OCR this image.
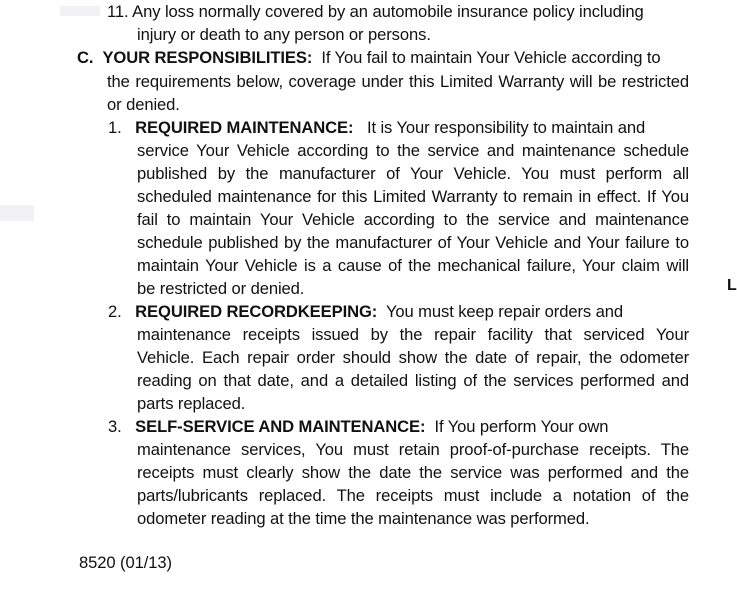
11. Any loss normally covered by an automobile insurance policy including
injury or death to any person or persons.
C. YOUR RESPONSIBILITIES: If You fail to maintain Your Vehicle according to
the requirements below, coverage under this Limited Warranty will be restricted
or denied.
1. REQUIRED MAINTENANCE: It is Your responsibility to maintain and
service Your Vehicle according to the service and maintenance schedule
published by the manufacturer of Your Vehicle. You must perform all
scheduled maintenance for this Limited Warranty to remain in effect. If You
fail to maintain Your Vehicle according to the service and maintenance
schedule published by the manufacturer of Your Vehicle and Your failure to
maintain Your Vehicle is a cause of the mechanical failure, Your claim will
be restricted or denied.
2. REQUIRED RECORDKEEPING: You must keep repair orders and
maintenance receipts issued by the repair facility that serviced Your
Vehicle. Each repair order should show the date of repair, the odometer
reading on that date, and a detailed listing of the services performed and
parts replaced.
3. SELF-SERVICE AND MAINTENANCE: If You perform Your own
maintenance services, You must retain proof-of-purchase receipts. The
receipts must clearly show the date the service was performed and the
parts/lubricants replaced. The receipts must include a notation of the
odometer reading at the time the maintenance was performed.
8520 (01/13)
L
